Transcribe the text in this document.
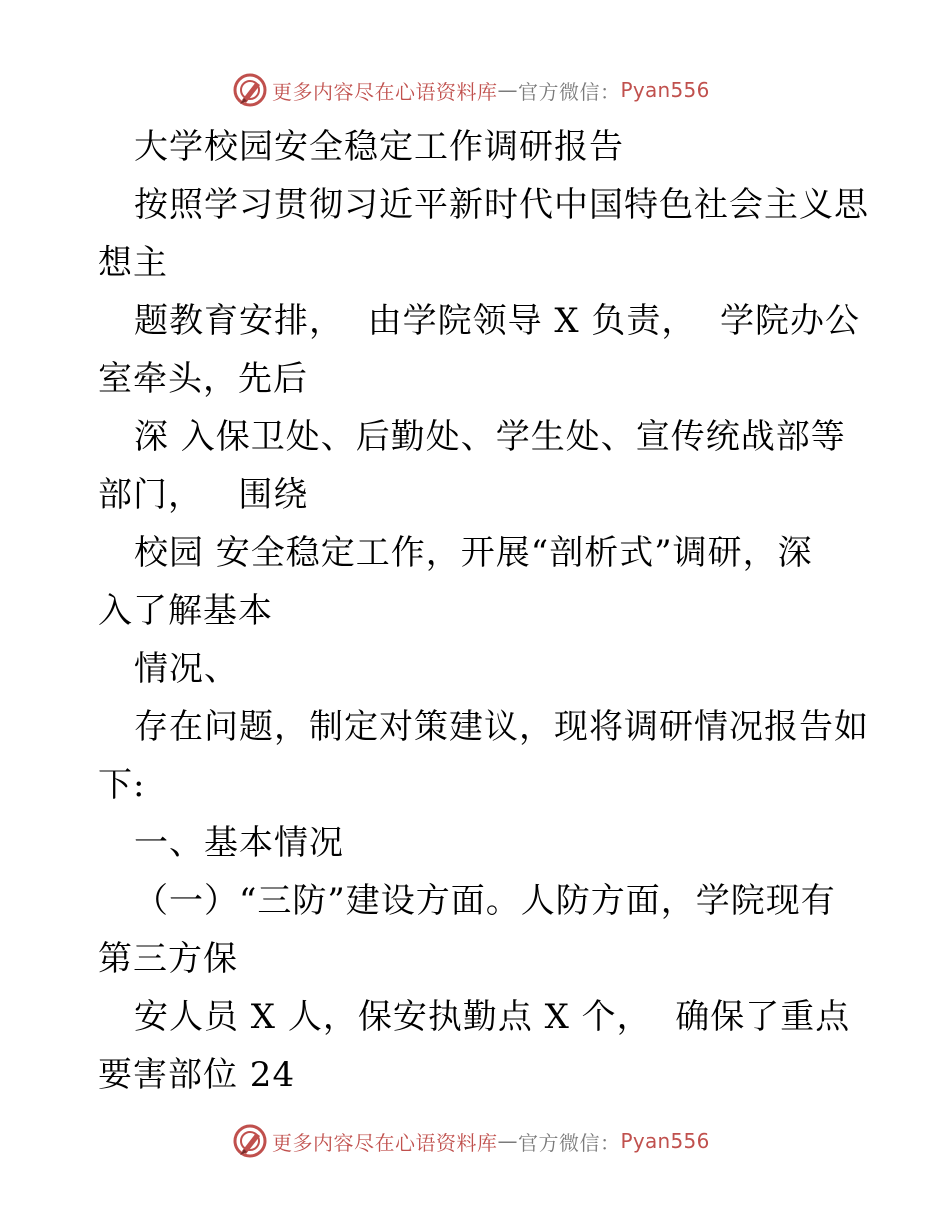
更多内容尽在心语资料库 — 官方微信： Pyan556
大学校园安全稳定工作调研报告
按照学习贯彻习近平新时代中国特色社会主义思
想主
题教育安排，  由学院领导 X 负责，  学院办公
室牵头，先后
深 入保卫处、后勤处、学生处、宣传统战部等
部门，   围绕
校园 安全稳定工作，开展“剖析式”调研，深
入了解基本
情况、
存在问题，制定对策建议，现将调研情况报告如
下:
一、基本情况
（一）“三防”建设方面。人防方面，学院现有
第三方保
安人员 X 人，保安执勤点 X 个，  确保了重点
要害部位 24
更多内容尽在心语资料库 — 官方微信： Pyan556
